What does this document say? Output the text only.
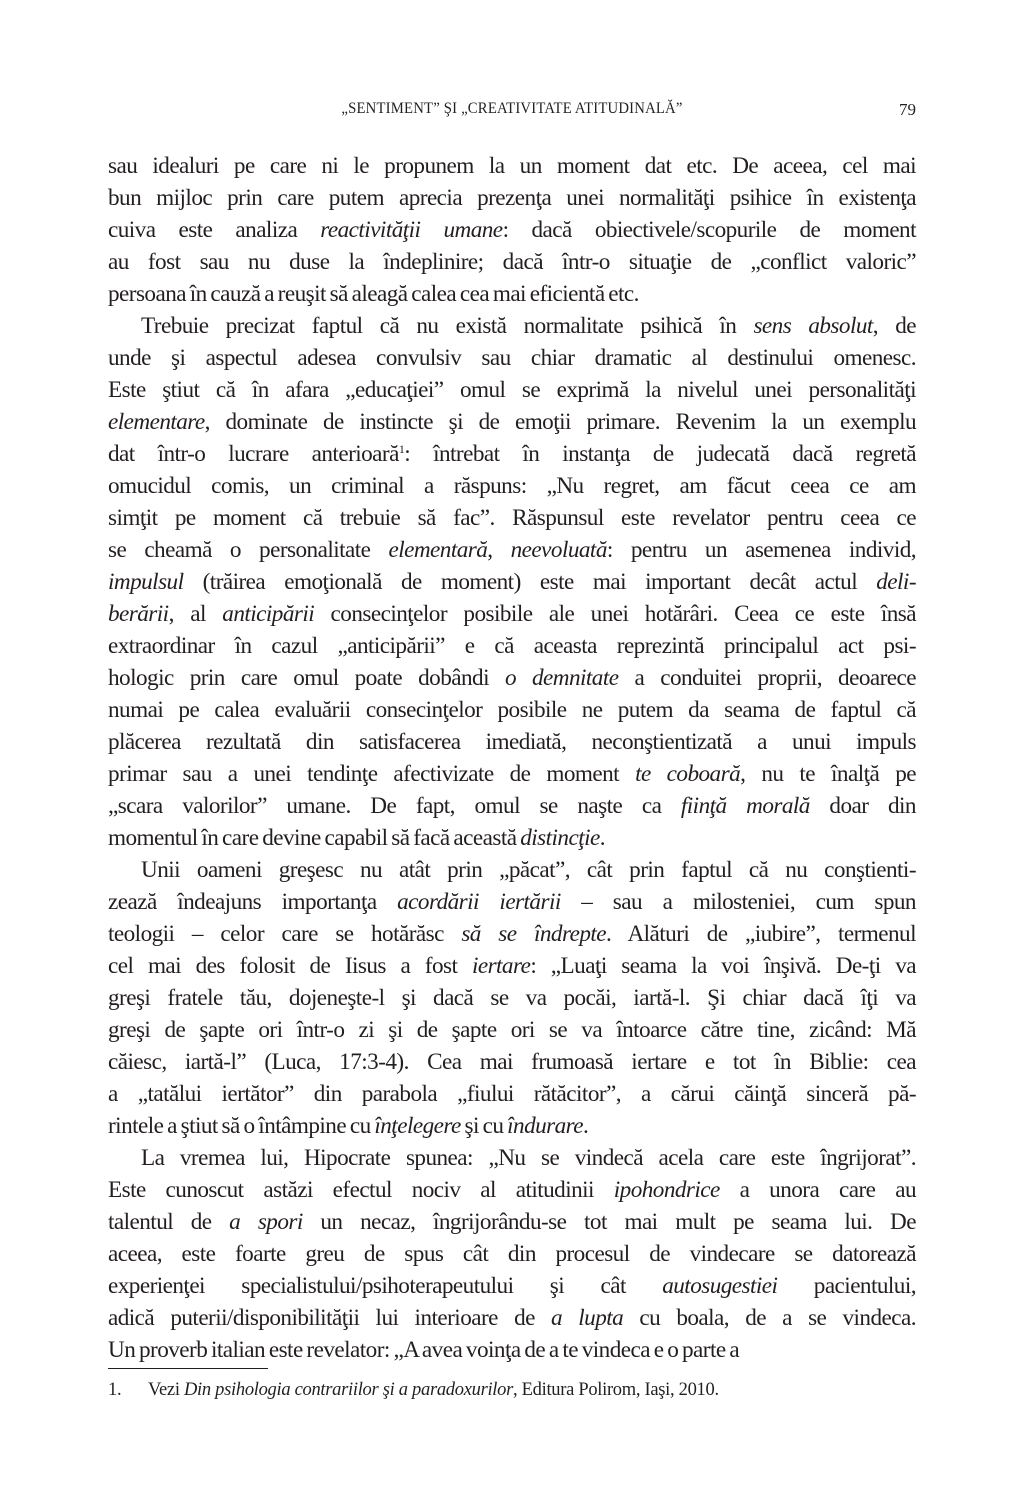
„SENTIMENT” ŞI „CREATIVITATE ATITUDINALĂ”	79
sau idealuri pe care ni le propunem la un moment dat etc. De aceea, cel mai
bun mijloc prin care putem aprecia prezenţa unei normalităţi psihice în existenţa
cuiva este analiza reactivităţii umane: dacă obiectivele/scopurile de moment
au fost sau nu duse la îndeplinire; dacă într-o situaţie de „conflict valoric”
persoana în cauză a reuşit să aleagă calea cea mai eficientă etc.
Trebuie precizat faptul că nu există normalitate psihică în sens absolut, de
unde şi aspectul adesea convulsiv sau chiar dramatic al destinului omenesc.
Este ştiut că în afara „educaţiei” omul se exprimă la nivelul unei personalităţi
elementare, dominate de instincte şi de emoţii primare. Revenim la un exemplu
dat într-o lucrare anterioară$^1$: întrebat în instanţa de judecată dacă regretă
omucidul comis, un criminal a răspuns: „Nu regret, am făcut ceea ce am
simţit pe moment că trebuie să fac”. Răspunsul este revelator pentru ceea ce
se cheamă o personalitate elementară, neevoluată: pentru un asemenea individ,
impulsul (trăirea emoţională de moment) este mai important decât actul deli-
berării, al anticipării consecinţelor posibile ale unei hotărâri. Ceea ce este însă
extraordinar în cazul „anticipării” e că aceasta reprezintă principalul act psi-
hologic prin care omul poate dobândi o demnitate a conduitei proprii, deoarece
numai pe calea evaluării consecinţelor posibile ne putem da seama de faptul că
plăcerea rezultată din satisfacerea imediată, neconştientizată a unui impuls
primar sau a unei tendinţe afectivizate de moment te coboară, nu te înalţă pe
„scara valorilor” umane. De fapt, omul se naşte ca fiinţă morală doar din
momentul în care devine capabil să facă această distincţie.
Unii oameni greşesc nu atât prin „păcat”, cât prin faptul că nu conştienti-
zează îndeajuns importanţa acordării iertării – sau a milosteniei, cum spun
teologii – celor care se hotărăsc să se îndrepte. Alături de „iubire”, termenul
cel mai des folosit de Iisus a fost iertare: „Luaţi seama la voi înşivă. De-ţi va
greşi fratele tău, dojeneşte-l şi dacă se va pocăi, iartă-l. Şi chiar dacă îţi va
greşi de şapte ori într-o zi şi de şapte ori se va întoarce către tine, zicând: Mă
căiesc, iartă-l” (Luca, 17:3-4). Cea mai frumoasă iertare e tot în Biblie: cea
a „tatălui iertător” din parabola „fiului rătăcitor”, a cărui căinţă sinceră pă-
rintele a ştiut să o întâmpine cu înţelegere şi cu îndurare.
La vremea lui, Hipocrate spunea: „Nu se vindecă acela care este îngrijorat”.
Este cunoscut astăzi efectul nociv al atitudinii ipohondrice a unora care au
talentul de a spori un necaz, îngrijorându-se tot mai mult pe seama lui. De
aceea, este foarte greu de spus cât din procesul de vindecare se datorează
experienţei specialistului/psihoterapeutului şi cât autosugestiei pacientului,
adică puterii/disponibilităţii lui interioare de a lupta cu boala, de a se vindeca.
Un proverb italian este revelator: „A avea voinţa de a te vindeca e o parte a
1. Vezi Din psihologia contrariilor şi a paradoxurilor, Editura Polirom, Iaşi, 2010.
